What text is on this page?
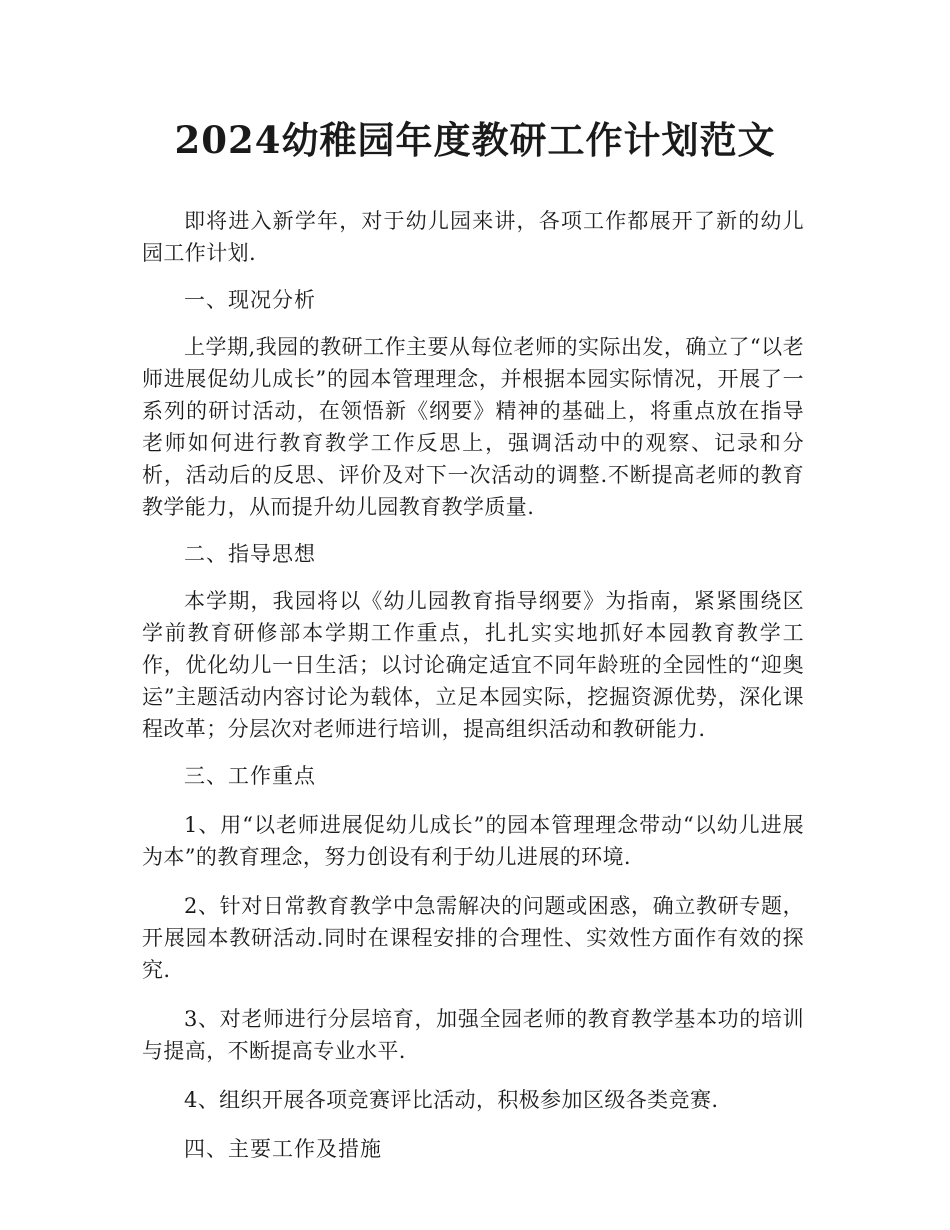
2024幼稚园年度教研工作计划范文

即将进入新学年，对于幼儿园来讲，各项工作都展开了新的幼儿园工作计划.

一、现况分析

上学期,我园的教研工作主要从每位老师的实际出发，确立了“以老师进展促幼儿成长”的园本管理理念，并根据本园实际情况，开展了一系列的研讨活动，在领悟新《纲要》精神的基础上，将重点放在指导老师如何进行教育教学工作反思上，强调活动中的观察、记录和分析，活动后的反思、评价及对下一次活动的调整.不断提高老师的教育教学能力，从而提升幼儿园教育教学质量.

二、指导思想

本学期，我园将以《幼儿园教育指导纲要》为指南，紧紧围绕区学前教育研修部本学期工作重点，扎扎实实地抓好本园教育教学工作，优化幼儿一日生活；以讨论确定适宜不同年龄班的全园性的“迎奥运”主题活动内容讨论为载体，立足本园实际，挖掘资源优势，深化课程改革；分层次对老师进行培训，提高组织活动和教研能力.

三、工作重点

1、用“以老师进展促幼儿成长”的园本管理理念带动“以幼儿进展为本”的教育理念，努力创设有利于幼儿进展的环境.

2、针对日常教育教学中急需解决的问题或困惑，确立教研专题，开展园本教研活动.同时在课程安排的合理性、实效性方面作有效的探究.

3、对老师进行分层培育，加强全园老师的教育教学基本功的培训与提高，不断提高专业水平.

4、组织开展各项竞赛评比活动，积极参加区级各类竞赛.

四、主要工作及措施
